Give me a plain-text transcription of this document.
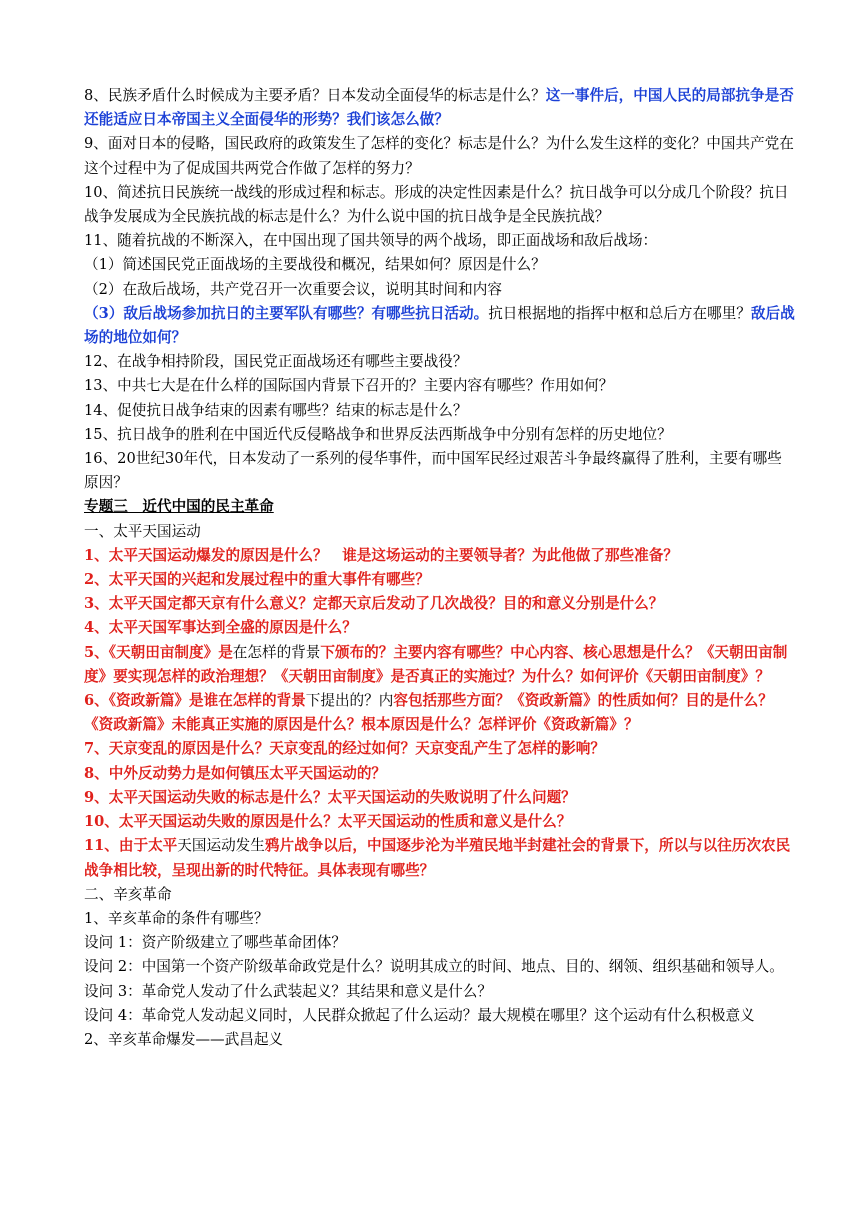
8、民族矛盾什么时候成为主要矛盾？日本发动全面侵华的标志是什么？这一事件后，中国人民的局部抗争是否还能适应日本帝国主义全面侵华的形势？我们该怎么做？

9、面对日本的侵略，国民政府的政策发生了怎样的变化？标志是什么？为什么发生这样的变化？中国共产党在这个过程中为了促成国共两党合作做了怎样的努力？

10、简述抗日民族统一战线的形成过程和标志。形成的决定性因素是什么？抗日战争可以分成几个阶段？抗日战争发展成为全民族抗战的标志是什么？为什么说中国的抗日战争是全民族抗战？

11、随着抗战的不断深入，在中国出现了国共领导的两个战场，即正面战场和敌后战场：

（1）简述国民党正面战场的主要战役和概况，结果如何？原因是什么？

（2）在敌后战场，共产党召开一次重要会议，说明其时间和内容

（3）敌后战场参加抗日的主要军队有哪些？有哪些抗日活动。抗日根据地的指挥中枢和总后方在哪里？敌后战场的地位如何？

12、在战争相持阶段，国民党正面战场还有哪些主要战役？

13、中共七大是在什么样的国际国内背景下召开的？主要内容有哪些？作用如何？

14、促使抗日战争结束的因素有哪些？结束的标志是什么？

15、抗日战争的胜利在中国近代反侵略战争和世界反法西斯战争中分别有怎样的历史地位？

16、20世纪30年代，日本发动了一系列的侵华事件，而中国军民经过艰苦斗争最终赢得了胜利，主要有哪些原因？

专题三　近代中国的民主革命

一、太平天国运动

1、太平天国运动爆发的原因是什么？　谁是这场运动的主要领导者？为此他做了那些准备？

2、太平天国的兴起和发展过程中的重大事件有哪些？

3、太平天国定都天京有什么意义？定都天京后发动了几次战役？目的和意义分别是什么？

4、太平天国军事达到全盛的原因是什么？

5、《天朝田亩制度》是在怎样的背景下颁布的？主要内容有哪些？中心内容、核心思想是什么？《天朝田亩制度》要实现怎样的政治理想？《天朝田亩制度》是否真正的实施过？为什么？如何评价《天朝田亩制度》？

6、《资政新篇》是谁在怎样的背景下提出的？内容包括那些方面？《资政新篇》的性质如何？目的是什么？《资政新篇》未能真正实施的原因是什么？根本原因是什么？怎样评价《资政新篇》？

7、天京变乱的原因是什么？天京变乱的经过如何？天京变乱产生了怎样的影响？

8、中外反动势力是如何镇压太平天国运动的？

9、太平天国运动失败的标志是什么？太平天国运动的失败说明了什么问题？

10、太平天国运动失败的原因是什么？太平天国运动的性质和意义是什么？

11、由于太平天国运动发生鸦片战争以后，中国逐步沦为半殖民地半封建社会的背景下，所以与以往历次农民战争相比较，呈现出新的时代特征。具体表现有哪些？

二、辛亥革命

1、辛亥革命的条件有哪些？

设问 1：资产阶级建立了哪些革命团体？

设问 2：中国第一个资产阶级革命政党是什么？说明其成立的时间、地点、目的、纲领、组织基础和领导人。

设问 3：革命党人发动了什么武装起义？其结果和意义是什么？

设问 4：革命党人发动起义同时，人民群众掀起了什么运动？最大规模在哪里？这个运动有什么积极意义

2、辛亥革命爆发——武昌起义
